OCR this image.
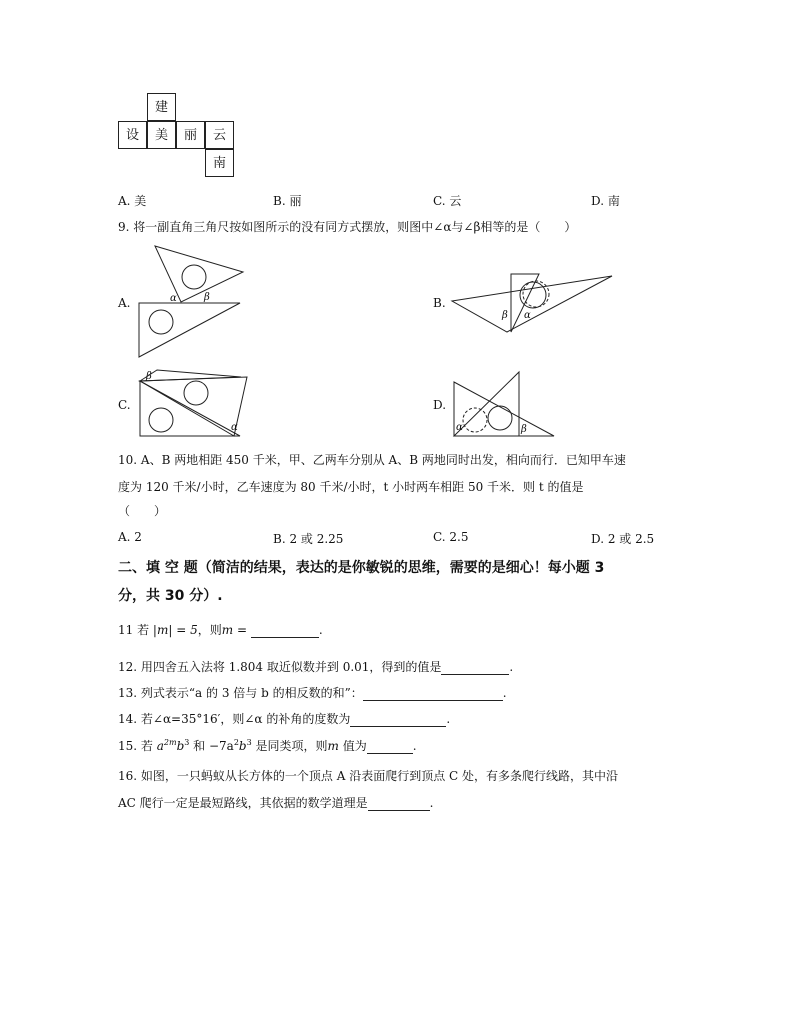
建
设	美	丽	云
南
A. 美	B. 丽	C. 云	D. 南
9. 将一副直角三角尺按如图所示的没有同方式摆放，则图中∠α与∠β相等的是（　　）
A.	α	β	B.
β α
C.
β
α
D.
α	β
10. A、B 两地相距 450 千米，甲、乙两车分别从 A、B 两地同时出发，相向而行．已知甲车速
度为 120 千米/小时，乙车速度为 80 千米/小时，t 小时两车相距 50 千米．则 t 的值是
（　　）
A. 2	B. 2 或 2.25	C. 2.5	D. 2 或 2.5
二、填 空 题（简洁的结果，表达的是你敏锐的思维，需要的是细心！每小题 3
分，共 30 分）.
11 若 |m| = 5，则m =	.
12. 用四舍五入法将 1.804 取近似数并到 0.01，得到的值是	.
13. 列式表示“a 的 3 倍与 b 的相反数的和”：	.
14. 若∠α=35°16′，则∠α 的补角的度数为	.
15. 若 $a^{2m}b^3$ 和 $-7a^2b^3$ 是同类项，则m 值为	.
16. 如图，一只蚂蚁从长方体的一个顶点 A 沿表面爬行到顶点 C 处，有多条爬行线路，其中沿
AC 爬行一定是最短路线，其依据的数学道理是	.
